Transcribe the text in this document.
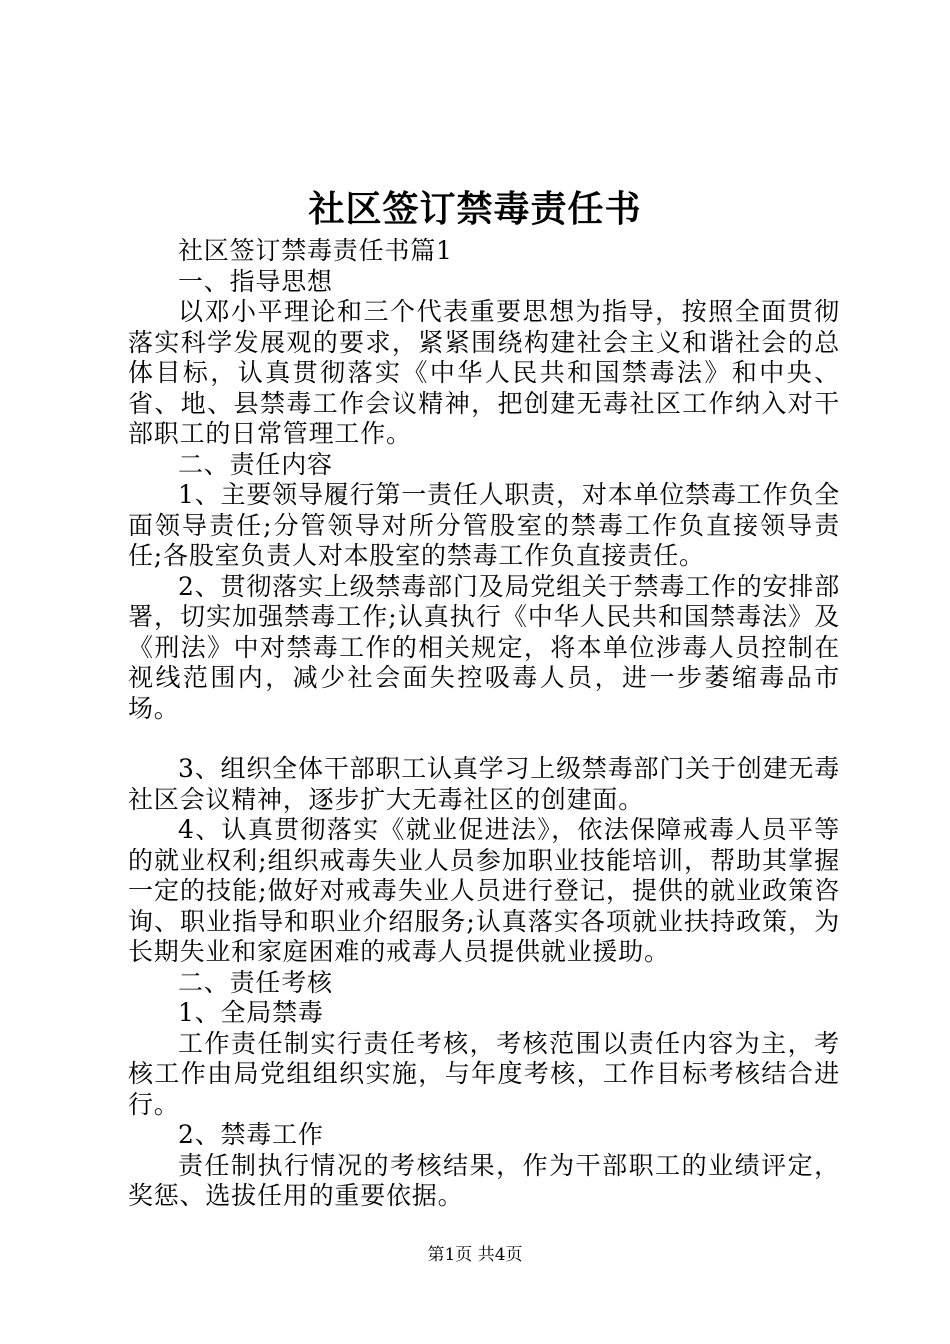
社区签订禁毒责任书

社区签订禁毒责任书篇1

一、指导思想

以邓小平理论和三个代表重要思想为指导，按照全面贯彻落实科学发展观的要求，紧紧围绕构建社会主义和谐社会的总体目标，认真贯彻落实《中华人民共和国禁毒法》和中央、省、地、县禁毒工作会议精神，把创建无毒社区工作纳入对干部职工的日常管理工作。

二、责任内容

1、主要领导履行第一责任人职责，对本单位禁毒工作负全面领导责任;分管领导对所分管股室的禁毒工作负直接领导责任;各股室负责人对本股室的禁毒工作负直接责任。

2、贯彻落实上级禁毒部门及局党组关于禁毒工作的安排部署，切实加强禁毒工作;认真执行《中华人民共和国禁毒法》及《刑法》中对禁毒工作的相关规定，将本单位涉毒人员控制在视线范围内，减少社会面失控吸毒人员，进一步萎缩毒品市场。

3、组织全体干部职工认真学习上级禁毒部门关于创建无毒社区会议精神，逐步扩大无毒社区的创建面。

4、认真贯彻落实《就业促进法》，依法保障戒毒人员平等的就业权利;组织戒毒失业人员参加职业技能培训，帮助其掌握一定的技能;做好对戒毒失业人员进行登记，提供的就业政策咨询、职业指导和职业介绍服务;认真落实各项就业扶持政策，为长期失业和家庭困难的戒毒人员提供就业援助。

二、责任考核

1、全局禁毒

工作责任制实行责任考核，考核范围以责任内容为主，考核工作由局党组组织实施，与年度考核，工作目标考核结合进行。

2、禁毒工作

责任制执行情况的考核结果，作为干部职工的业绩评定，奖惩、选拔任用的重要依据。

第1页 共4页
